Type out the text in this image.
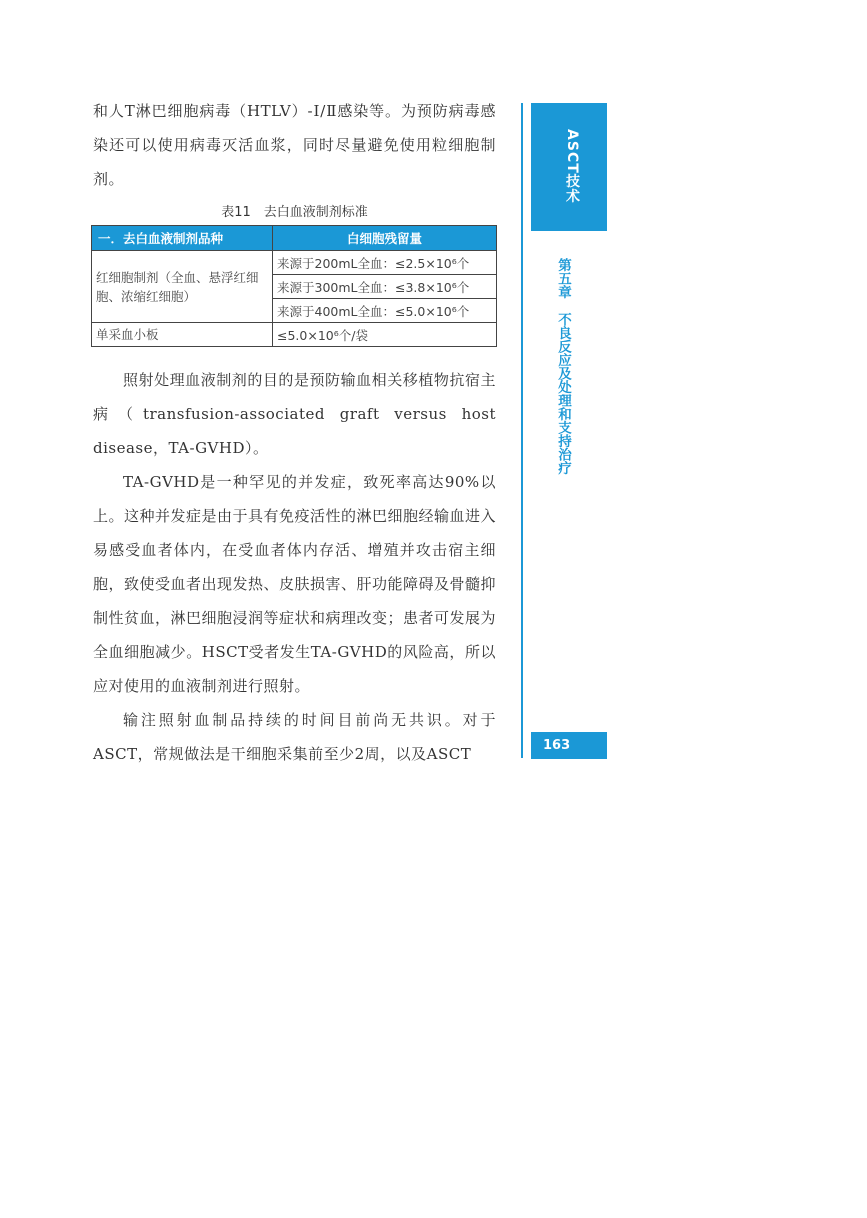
和人T淋巴细胞病毒（HTLV）-Ⅰ/Ⅱ感染等。为预防病毒感染还可以使用病毒灭活血浆，同时尽量避免使用粒细胞制剂。

表11　去白血液制剂标准
一．去白血液制剂品种	白细胞残留量
红细胞制剂（全血、悬浮红细胞、浓缩红细胞）	来源于200mL全血：≤2.5×10⁶个
	来源于300mL全血：≤3.8×10⁶个
	来源于400mL全血：≤5.0×10⁶个
单采血小板	≤5.0×10⁶个/袋

照射处理血液制剂的目的是预防输血相关移植物抗宿主病（transfusion-associated graft versus host disease，TA-GVHD）。

TA-GVHD是一种罕见的并发症，致死率高达90%以上。这种并发症是由于具有免疫活性的淋巴细胞经输血进入易感受血者体内，在受血者体内存活、增殖并攻击宿主细胞，致使受血者出现发热、皮肤损害、肝功能障碍及骨髓抑制性贫血，淋巴细胞浸润等症状和病理改变；患者可发展为全血细胞减少。HSCT受者发生TA-GVHD的风险高，所以应对使用的血液制剂进行照射。

输注照射血制品持续的时间目前尚无共识。对于ASCT，常规做法是干细胞采集前至少2周，以及ASCT

ASCT技术
第五章不良反应及处理和支持治疗
163
